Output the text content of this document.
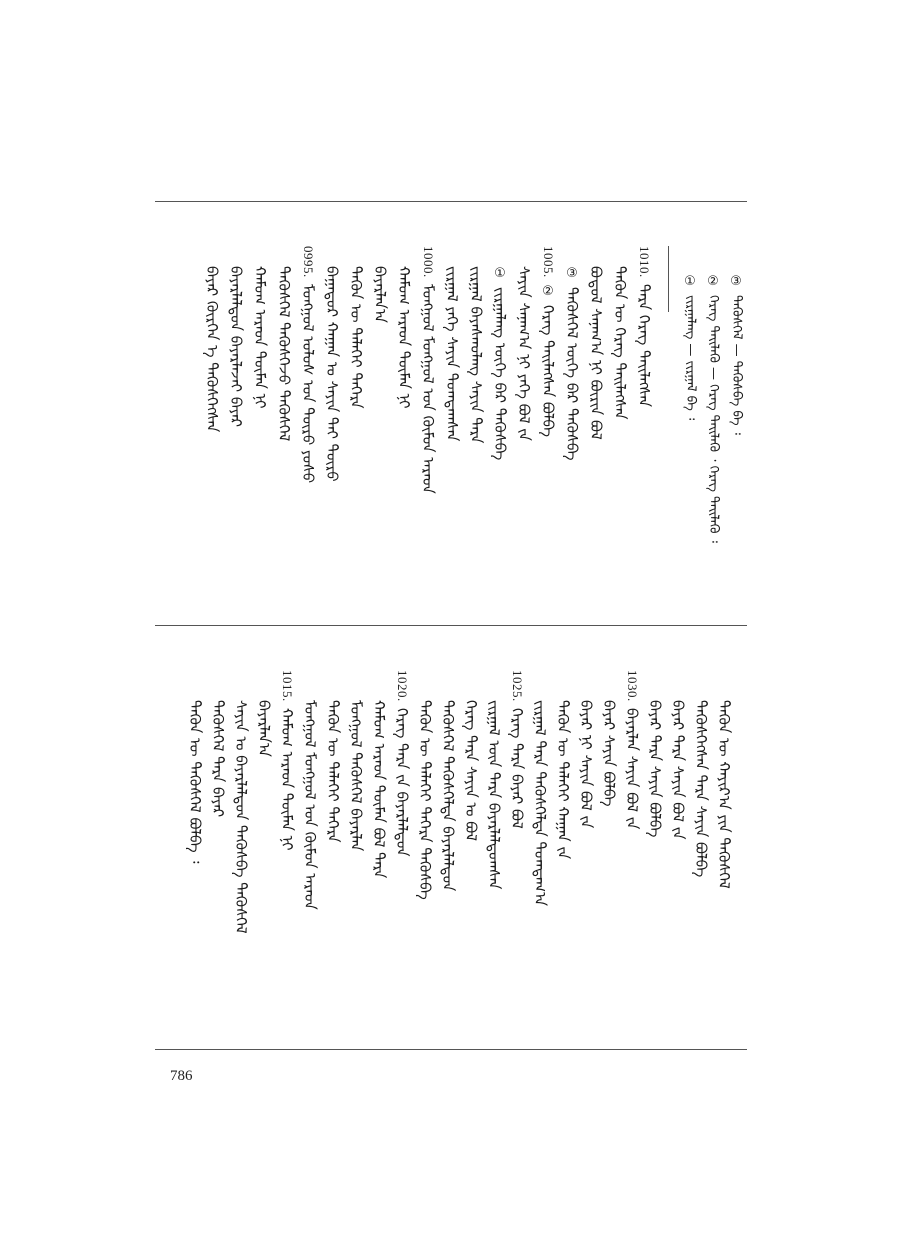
③
ᠲᠡᠭᠦᠰᠭᠡᠯ — ᠲᠡᠭᠦᠰᠪᠡ ᠪᠡ ᠄
②
ᠬᠡᠷᠡᠭ ᠲᠡᠢᠯᠡᠭᠦ — ᠬᠡᠷᠡᠭ ᠲᠡᠢᠯᠡᠬᠦ ᠂ ᠬᠡᠷᠡᠭ ᠲᠡᠢᠯᠡᠬᠦ ᠄
①
ᠵᠢᠷᠭᠠᠯᠠᠩ — ᠵᠢᠷᠭᠠᠯ ᠪᠡ ᠄
1010.
ᠲᠡᠷᠡ ᠬᠡᠷᠡᠭ ᠲᠡᠢᠯᠡᠭᠰᠡᠨ
ᠲᠡᠭᠦᠨ ᠦ ᠬᠡᠷᠡᠭ ᠲᠡᠢᠯᠡᠭᠰᠡᠨ
ᠪᠣᠳᠣᠯ ᠰᠠᠨᠠᠭ᠎ᠠ ᠨᠢ ᠪᠦᠷᠢᠨ ᠪᠣᠯ
③
ᠲᠡᠭᠦᠰᠭᠡᠯ ᠦᠭᠡ ᠪᠡᠷ ᠲᠡᠭᠦᠰᠪᠡ
1005.
②
ᠬᠡᠷᠡᠭ ᠲᠡᠢᠯᠡᠭᠰᠡᠨ ᠪᠣᠯᠪᠠ
ᠰᠠᠶᠢᠨ ᠰᠠᠨᠠᠭ᠎ᠠ ᠨᠢ ᠶᠡᠬᠡ ᠪᠣᠯ ᠵᠡ
①
ᠵᠢᠷᠭᠠᠯᠠᠩ ᠦᠭᠡ ᠪᠡᠷ ᠲᠡᠭᠦᠰᠪᠡ
ᠵᠢᠷᠭᠠᠯ ᠪᠠᠶᠠᠰᠬᠤᠯᠠᠩ ᠰᠠᠶᠢᠨ ᠲᠡᠷᠡ
ᠵᠢᠷᠭᠠᠯ ᠶᠡᠭᠡ ᠰᠠᠶᠢᠨ ᠲᠣᠭᠲᠠᠭᠰᠠᠨ
1000.
ᠮᠣᠩᠭᠣᠯ ᠮᠣᠩᠭᠣᠯ ᠤᠨ ᠬᠦᠮᠦᠨ ᠠᠷᠠᠳ
ᠬᠠᠮᠤᠭ ᠠᠷᠠᠳ ᠲᠦᠮᠡᠨ ᠨᠢ
ᠪᠠᠶᠠᠷᠯᠠᠨ᠎ᠠ
ᠲᠡᠭᠦᠨ ᠦ ᠲᠡᠯᠡᠭᠡᠢ ᠳᠡᠭᠡᠷᠡ
ᠪᠠᠭᠠᠲᠤᠷ ᠬᠠᠭᠠᠨ ᠤ ᠰᠠᠶᠢᠨ ᠲᠠᠢ ᠲᠦᠷᠦ
0995.
ᠮᠣᠩᠭᠣᠯ ᠤᠯᠤᠰ ᠤᠨ ᠲᠦᠷᠦ ᠶᠣᠰᠣ
ᠲᠡᠭᠦᠰᠬᠡᠯ ᠲᠡᠭᠦᠰᠭᠡᠵᠦ ᠲᠡᠭᠦᠰᠬᠡᠯ
ᠬᠠᠮᠤᠭ ᠠᠷᠠᠳ ᠲᠦᠮᠡᠨ ᠨᠢ
ᠪᠠᠶᠠᠷᠯᠠᠯᠳᠤᠨ ᠪᠠᠶᠠᠷᠯᠠᠵᠠᠢ ᠪᠠᠶᠠᠷ
ᠪᠠᠶᠠᠷ ᠬᠦᠷᠭᠡᠨ ᠡ ᠲᠡᠭᠦᠰᠬᠡᠭᠰᠡᠨ
ᠲᠡᠭᠦᠨ ᠦ ᠬᠠᠶᠢᠷ᠎ᠠ ᠶᠢᠨ ᠲᠡᠭᠦᠰᠭᠡᠯ
ᠲᠡᠭᠦᠰᠬᠡᠭᠰᠡᠨ ᠲᠡᠷᠡ ᠰᠠᠶᠢᠨ ᠪᠣᠯᠪᠠ
ᠪᠠᠶᠠᠷ ᠲᠡᠷᠡ ᠰᠠᠶᠢᠨ ᠪᠣᠯ ᠵᠡ
ᠪᠠᠶᠠᠷ ᠲᠡᠷᠡ ᠰᠠᠶᠢᠨ ᠪᠣᠯᠪᠠ
1030.
ᠪᠠᠶᠠᠷᠯᠠᠨ ᠰᠠᠶᠢᠨ ᠪᠣᠯ ᠵᠡ
ᠪᠠᠶᠠᠷ ᠰᠠᠶᠢᠨ ᠪᠣᠯᠪᠠ
ᠪᠠᠶᠠᠷ ᠨᠢ ᠰᠠᠶᠢᠨ ᠪᠣᠯ ᠵᠡ
ᠲᠡᠭᠦᠨ ᠦ ᠲᠡᠯᠡᠭᠡᠢ ᠬᠠᠭᠠᠨ ᠵᠡ
ᠵᠢᠷᠭᠠᠯ ᠲᠡᠷᠡ ᠲᠡᠭᠦᠰᠭᠡᠯᠲᠡ ᠲᠣᠭᠲᠠᠭ᠎ᠠ
1025.
ᠬᠡᠷᠡᠭ ᠲᠡᠷᠡ ᠪᠠᠶᠠᠷ ᠪᠣᠯ
ᠵᠢᠷᠭᠠᠯ ᠦᠨ ᠲᠡᠷᠡ ᠪᠠᠶᠠᠷᠯᠠᠯᠳᠤᠭᠰᠠᠨ
ᠬᠡᠷᠡᠭ ᠲᠡᠷᠡ ᠰᠠᠶᠢᠨ ᠤ ᠪᠣᠯ
ᠲᠡᠭᠦᠰᠬᠡᠯ ᠲᠡᠭᠦᠰᠭᠡᠯᠲᠡ ᠪᠠᠶᠠᠷᠯᠠᠯᠳᠤᠨ
ᠲᠡᠭᠦᠨ ᠦ ᠲᠡᠯᠡᠭᠡᠢ ᠳᠡᠭᠡᠷᠡ ᠲᠡᠭᠦᠰᠪᠡ
1020.
ᠬᠡᠷᠡᠭ ᠲᠡᠷᠡ ᠵᠡ ᠪᠠᠶᠠᠷᠯᠠᠯᠳᠤᠨ
ᠬᠠᠮᠤᠭ ᠠᠷᠠᠳ ᠲᠦᠮᠡᠨ ᠪᠣᠯ ᠲᠡᠷᠡ
ᠮᠣᠩᠭᠣᠯ ᠲᠡᠭᠦᠰᠭᠡᠯ ᠪᠠᠶᠠᠷᠯᠠᠨ
ᠲᠡᠭᠦᠨ ᠦ ᠲᠡᠯᠡᠭᠡᠢ ᠳᠡᠭᠡᠷᠡ
ᠮᠣᠩᠭᠣᠯ ᠮᠣᠩᠭᠣᠯ ᠤᠨ ᠬᠦᠮᠦᠨ ᠠᠷᠠᠳ
1015.
ᠬᠠᠮᠤᠭ ᠠᠷᠠᠳ ᠲᠦᠮᠡᠨ ᠨᠢ
ᠪᠠᠶᠠᠷᠯᠠᠨ᠎ᠠ
ᠰᠠᠶᠢᠨ ᠤ ᠪᠠᠶᠠᠷᠯᠠᠯᠳᠤᠨ ᠲᠡᠭᠦᠰᠪᠡ ᠲᠡᠭᠦᠰᠭᠡᠯ
ᠲᠡᠭᠦᠰᠭᠡᠯ ᠲᠡᠷᠡ ᠪᠠᠶᠠᠷ
ᠲᠡᠭᠦᠨ ᠦ ᠲᠡᠭᠦᠰᠬᠡᠯ ᠪᠣᠯᠪᠠ ᠄
786
